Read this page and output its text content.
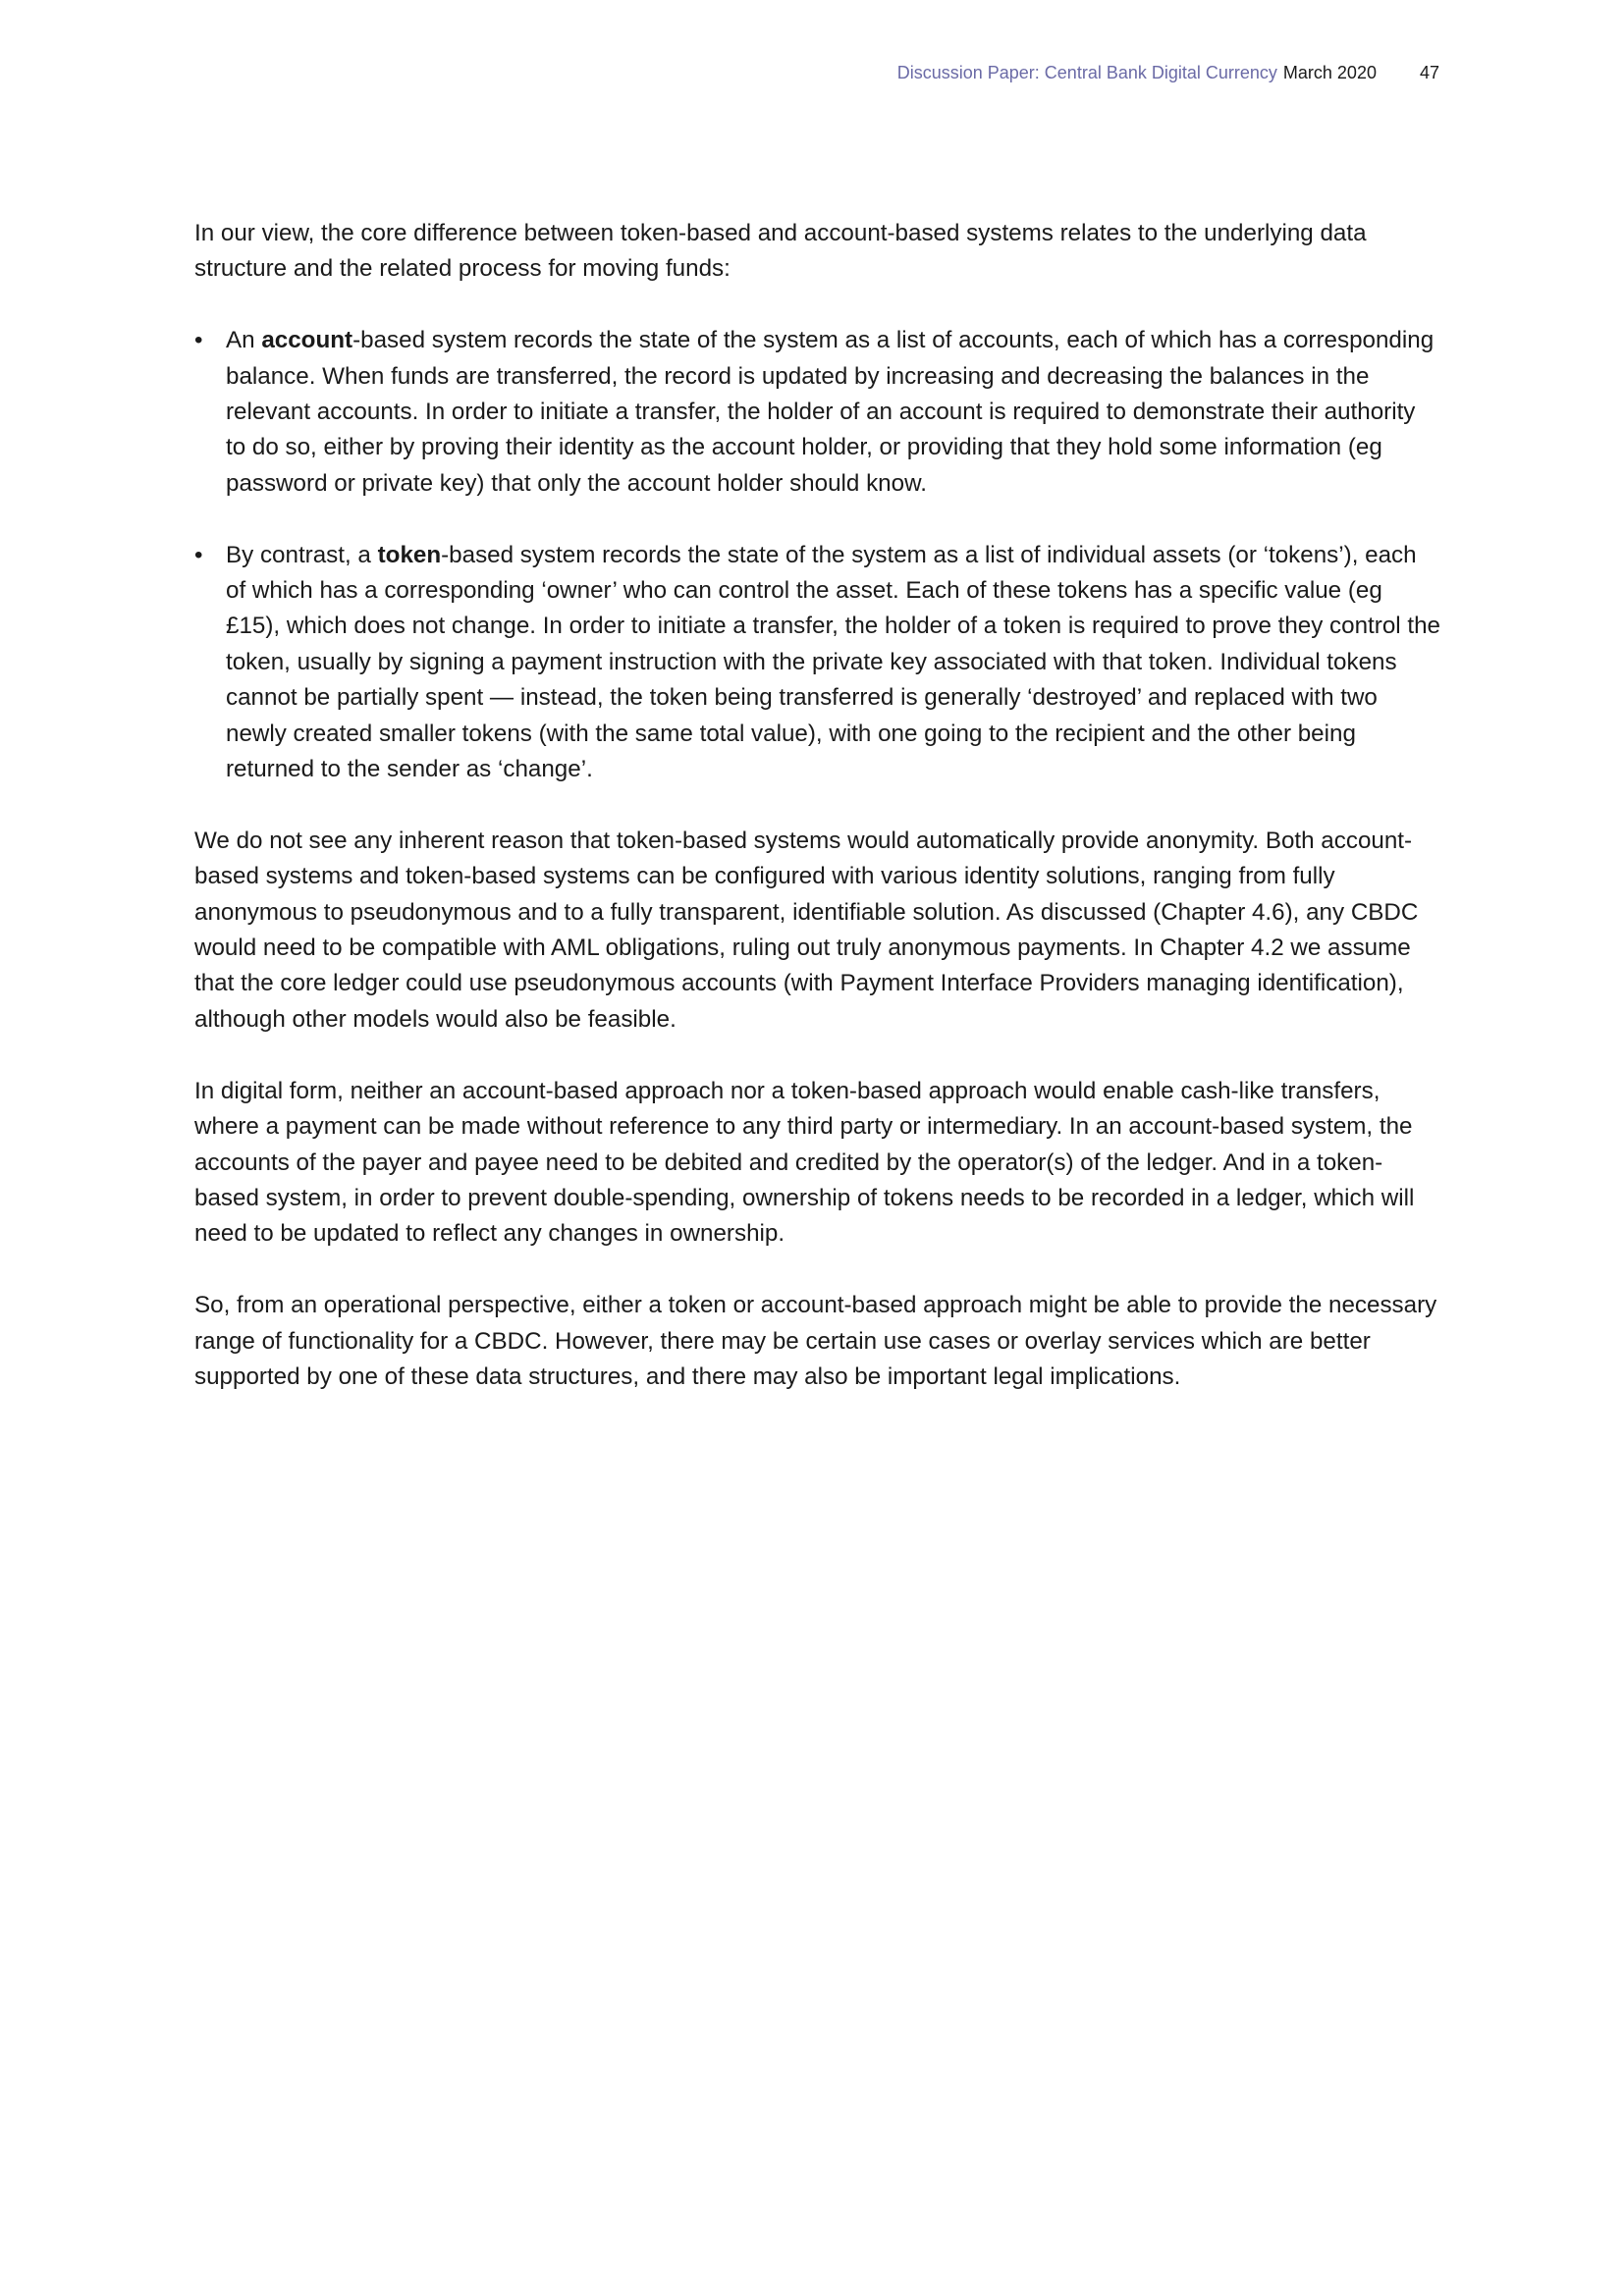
Discussion Paper: Central Bank Digital Currency March 2020 47

In our view, the core difference between token-based and account-based systems relates to the underlying data structure and the related process for moving funds:

• An account-based system records the state of the system as a list of accounts, each of which has a corresponding balance. When funds are transferred, the record is updated by increasing and decreasing the balances in the relevant accounts. In order to initiate a transfer, the holder of an account is required to demonstrate their authority to do so, either by proving their identity as the account holder, or providing that they hold some information (eg password or private key) that only the account holder should know.
• By contrast, a token-based system records the state of the system as a list of individual assets (or ‘tokens’), each of which has a corresponding ‘owner’ who can control the asset. Each of these tokens has a specific value (eg £15), which does not change. In order to initiate a transfer, the holder of a token is required to prove they control the token, usually by signing a payment instruction with the private key associated with that token. Individual tokens cannot be partially spent — instead, the token being transferred is generally ‘destroyed’ and replaced with two newly created smaller tokens (with the same total value), with one going to the recipient and the other being returned to the sender as ‘change’.

We do not see any inherent reason that token-based systems would automatically provide anonymity. Both account-based systems and token-based systems can be configured with various identity solutions, ranging from fully anonymous to pseudonymous and to a fully transparent, identifiable solution. As discussed (Chapter 4.6), any CBDC would need to be compatible with AML obligations, ruling out truly anonymous payments. In Chapter 4.2 we assume that the core ledger could use pseudonymous accounts (with Payment Interface Providers managing identification), although other models would also be feasible.

In digital form, neither an account-based approach nor a token-based approach would enable cash-like transfers, where a payment can be made without reference to any third party or intermediary. In an account-based system, the accounts of the payer and payee need to be debited and credited by the operator(s) of the ledger. And in a token-based system, in order to prevent double-spending, ownership of tokens needs to be recorded in a ledger, which will need to be updated to reflect any changes in ownership.

So, from an operational perspective, either a token or account-based approach might be able to provide the necessary range of functionality for a CBDC. However, there may be certain use cases or overlay services which are better supported by one of these data structures, and there may also be important legal implications.
